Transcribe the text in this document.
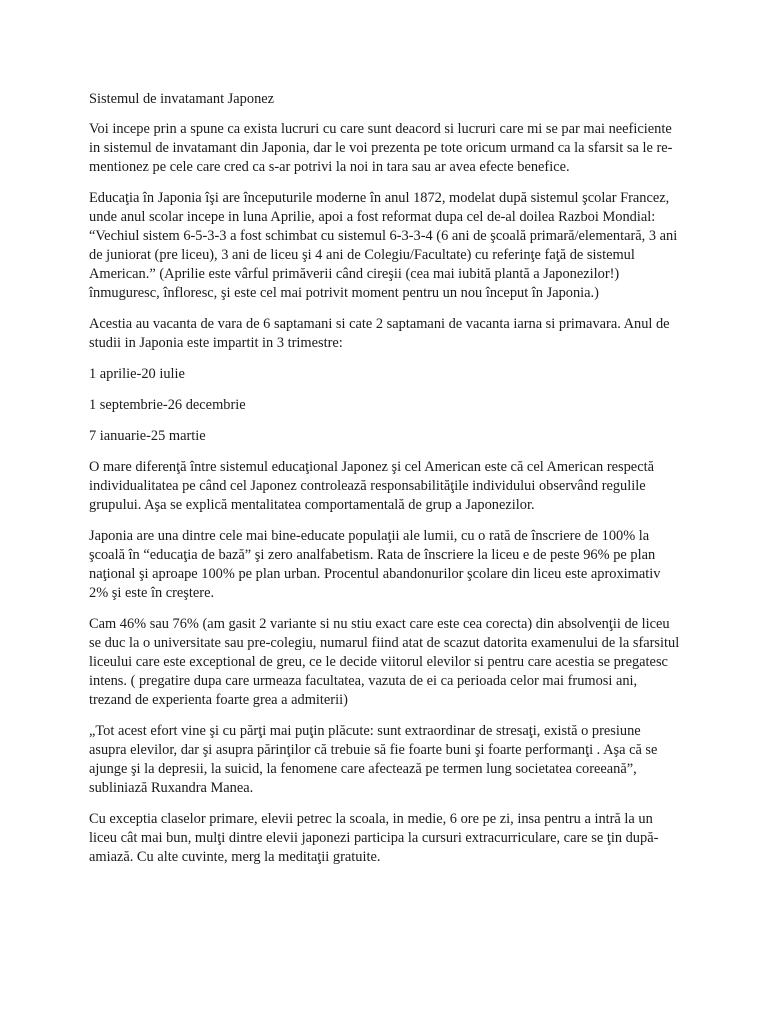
Sistemul de invatamant Japonez

Voi incepe prin a spune ca exista lucruri cu care sunt deacord si lucruri care mi se par mai neeficiente in sistemul de invatamant din Japonia, dar le voi prezenta pe tote oricum urmand ca la sfarsit sa le re-mentionez pe cele care cred ca s-ar potrivi la noi in tara sau ar avea efecte benefice.

Educaţia în Japonia îşi are începuturile moderne în anul 1872, modelat după sistemul şcolar Francez, unde anul scolar incepe in luna Aprilie, apoi a fost reformat dupa cel de-al doilea Razboi Mondial: “Vechiul sistem 6-5-3-3 a fost schimbat cu sistemul 6-3-3-4 (6 ani de şcoală primară/elementară, 3 ani de juniorat (pre liceu), 3 ani de liceu şi 4 ani de Colegiu/Facultate) cu referinţe faţă de sistemul American.” (Aprilie este vârful primăverii când cireşii (cea mai iubită plantă a Japonezilor!) înmuguresc, înfloresc, şi este cel mai potrivit moment pentru un nou început în Japonia.)

Acestia au vacanta de vara de 6 saptamani si cate 2 saptamani de vacanta iarna si primavara. Anul de studii in Japonia este impartit in 3 trimestre:

1 aprilie-20 iulie

1 septembrie-26 decembrie

7 ianuarie-25 martie

O mare diferenţă între sistemul educaţional Japonez şi cel American este că cel American respectă individualitatea pe când cel Japonez controlează responsabilităţile individului observând regulile grupului. Aşa se explică mentalitatea comportamentală de grup a Japonezilor.

Japonia are una dintre cele mai bine-educate populaţii ale lumii, cu o rată de înscriere de 100% la şcoală în “educaţia de bază” şi zero analfabetism. Rata de înscriere la liceu e de peste 96% pe plan naţional şi aproape 100% pe plan urban. Procentul abandonurilor şcolare din liceu este aproximativ 2% şi este în creştere.

Cam 46% sau 76% (am gasit 2 variante si nu stiu exact care este cea corecta) din absolvenţii de liceu se duc la o universitate sau pre-colegiu, numarul fiind atat de scazut datorita examenului de la sfarsitul liceului care este exceptional de greu, ce le decide viitorul elevilor si pentru care acestia se pregatesc intens. ( pregatire dupa care urmeaza facultatea, vazuta de ei ca perioada celor mai frumosi ani, trezand de experienta foarte grea a admiterii)

„Tot acest efort vine şi cu părţi mai puţin plăcute: sunt extraordinar de stresaţi, există o presiune asupra elevilor, dar şi asupra părinţilor că trebuie să fie foarte buni şi foarte performanţi . Aşa că se ajunge şi la depresii, la suicid, la fenomene care afectează pe termen lung societatea coreeană”, subliniază Ruxandra Manea.

Cu exceptia claselor primare, elevii petrec la scoala, in medie, 6 ore pe zi, insa pentru a intră la un liceu cât mai bun, mulţi dintre elevii japonezi participa la cursuri extracurriculare, care se ţin după-amiază. Cu alte cuvinte, merg la meditaţii gratuite.
